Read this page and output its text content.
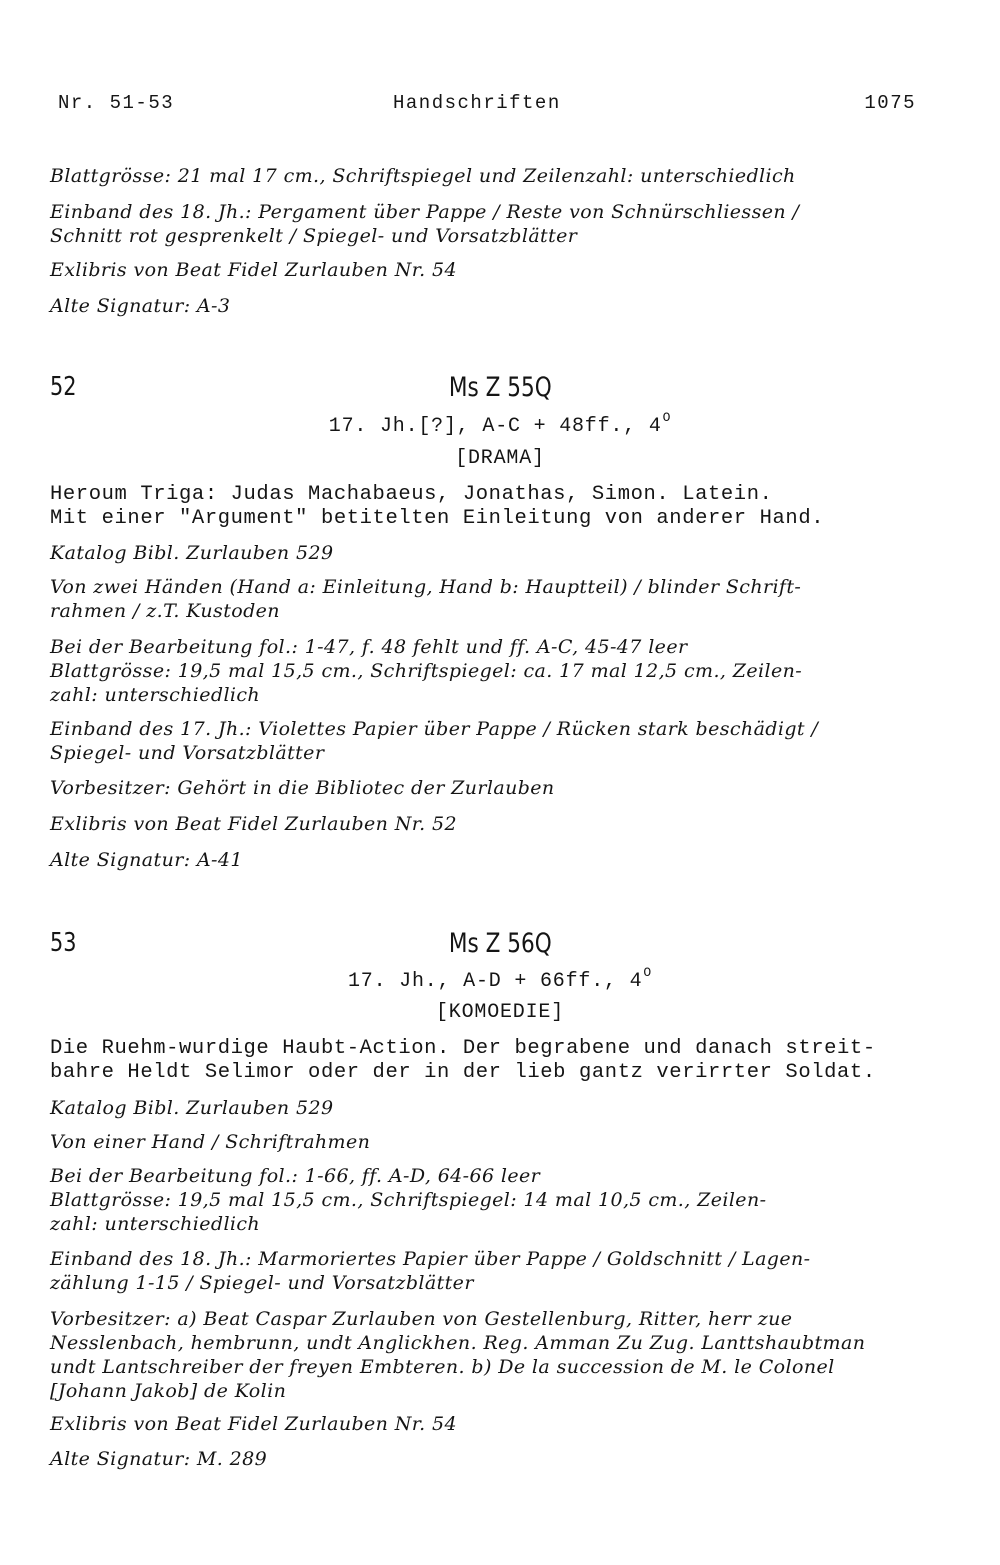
Nr. 51-53	Handschriften	1075
Blattgrösse: 21 mal 17 cm., Schriftspiegel und Zeilenzahl: unterschiedlich
Einband des 18. Jh.: Pergament über Pappe / Reste von Schnürschliessen /
Schnitt rot gesprenkelt / Spiegel- und Vorsatzblätter
Exlibris von Beat Fidel Zurlauben Nr. 54
Alte Signatur: A-3
52	Ms Z 55Q
17. Jh.[?], A-C + 48ff., $4^O$
[DRAMA]
Heroum Triga: Judas Machabaeus, Jonathas, Simon. Latein.
Mit einer "Argument" betitelten Einleitung von anderer Hand.
Katalog Bibl. Zurlauben 529
Von zwei Händen (Hand a: Einleitung, Hand b: Hauptteil) / blinder Schrift-
rahmen / z.T. Kustoden
Bei der Bearbeitung fol.: 1-47, f. 48 fehlt und ff. A-C, 45-47 leer
Blattgrösse: 19,5 mal 15,5 cm., Schriftspiegel: ca. 17 mal 12,5 cm., Zeilen-
zahl: unterschiedlich
Einband des 17. Jh.: Violettes Papier über Pappe / Rücken stark beschädigt /
Spiegel- und Vorsatzblätter
Vorbesitzer: Gehört in die Bibliotec der Zurlauben
Exlibris von Beat Fidel Zurlauben Nr. 52
Alte Signatur: A-41
53	Ms Z 56Q
17. Jh., A-D + 66ff., $4^O$
[KOMOEDIE]
Die Ruehm-wurdige Haubt-Action. Der begrabene und danach streit-
bahre Heldt Selimor oder der in der lieb gantz verirrter Soldat.
Katalog Bibl. Zurlauben 529
Von einer Hand / Schriftrahmen
Bei der Bearbeitung fol.: 1-66, ff. A-D, 64-66 leer
Blattgrösse: 19,5 mal 15,5 cm., Schriftspiegel: 14 mal 10,5 cm., Zeilen-
zahl: unterschiedlich
Einband des 18. Jh.: Marmoriertes Papier über Pappe / Goldschnitt / Lagen-
zählung 1-15 / Spiegel- und Vorsatzblätter
Vorbesitzer: a) Beat Caspar Zurlauben von Gestellenburg, Ritter, herr zue
Nesslenbach, hembrunn, undt Anglickhen. Reg. Amman Zu Zug. Lanttshaubtman
undt Lantschreiber der freyen Embteren. b) De la succession de M. le Colonel
[Johann Jakob] de Kolin
Exlibris von Beat Fidel Zurlauben Nr. 54
Alte Signatur: M. 289
